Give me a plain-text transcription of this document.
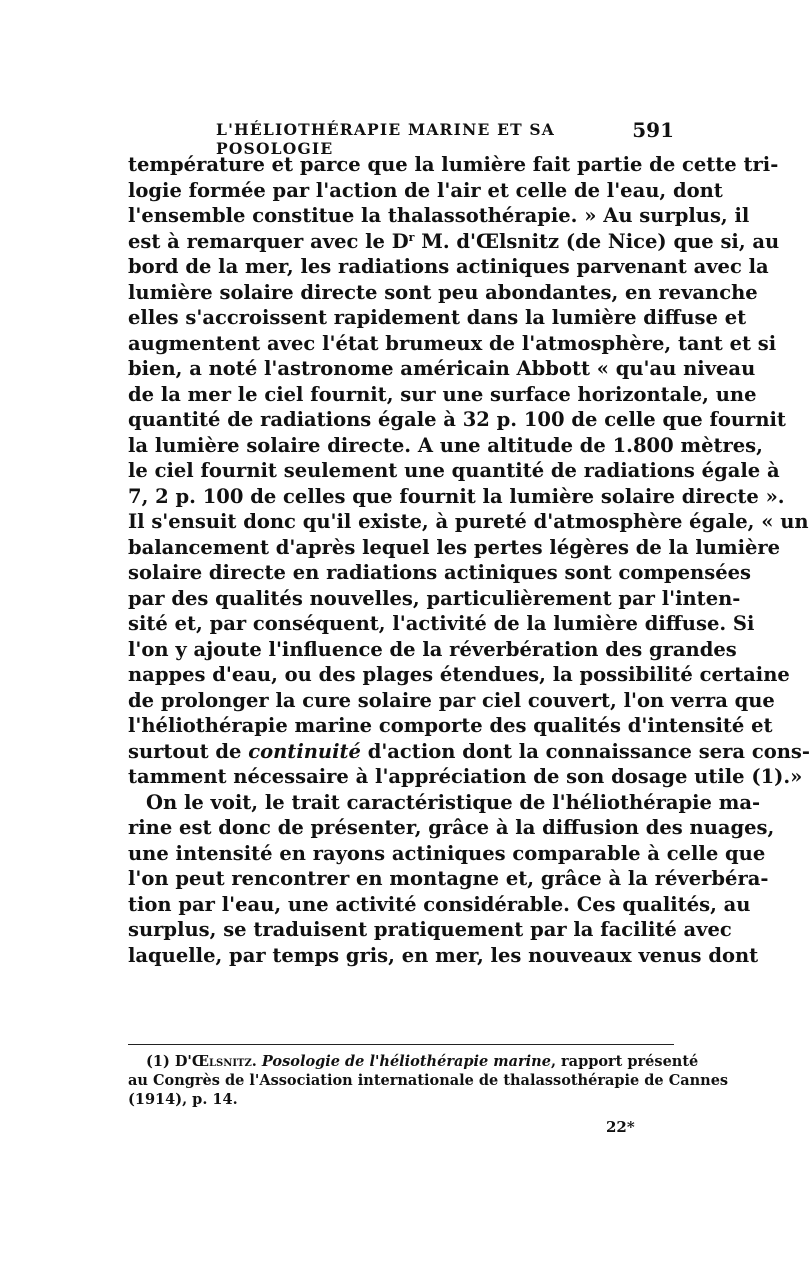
L'HÉLIOTHÉRAPIE MARINE ET SA POSOLOGIE
591
température et parce que la lumière fait partie de cette tri-
logie formée par l'action de l'air et celle de l'eau, dont
l'ensemble constitue la thalassothérapie. » Au surplus, il
est à remarquer avec le $D^r$ M. d'Œlsnitz (de Nice) que si, au
bord de la mer, les radiations actiniques parvenant avec la
lumière solaire directe sont peu abondantes, en revanche
elles s'accroissent rapidement dans la lumière diffuse et
augmentent avec l'état brumeux de l'atmosphère, tant et si
bien, a noté l'astronome américain Abbott « qu'au niveau
de la mer le ciel fournit, sur une surface horizontale, une
quantité de radiations égale à 32 p. 100 de celle que fournit
la lumière solaire directe. A une altitude de 1.800 mètres,
le ciel fournit seulement une quantité de radiations égale à
7, 2 p. 100 de celles que fournit la lumière solaire directe ».
Il s'ensuit donc qu'il existe, à pureté d'atmosphère égale, « un
balancement d'après lequel les pertes légères de la lumière
solaire directe en radiations actiniques sont compensées
par des qualités nouvelles, particulièrement par l'inten-
sité et, par conséquent, l'activité de la lumière diffuse. Si
l'on y ajoute l'influence de la réverbération des grandes
nappes d'eau, ou des plages étendues, la possibilité certaine
de prolonger la cure solaire par ciel couvert, l'on verra que
l'héliothérapie marine comporte des qualités d'intensité et
surtout de continuité d'action dont la connaissance sera cons-
tamment nécessaire à l'appréciation de son dosage utile (1).»
On le voit, le trait caractéristique de l'héliothérapie ma-
rine est donc de présenter, grâce à la diffusion des nuages,
une intensité en rayons actiniques comparable à celle que
l'on peut rencontrer en montagne et, grâce à la réverbéra-
tion par l'eau, une activité considérable. Ces qualités, au
surplus, se traduisent pratiquement par la facilité avec
laquelle, par temps gris, en mer, les nouveaux venus dont
(1) D'Œlsnitz. Posologie de l'héliothérapie marine, rapport présenté
au Congrès de l'Association internationale de thalassothérapie de Cannes
(1914), p. 14.
22*
